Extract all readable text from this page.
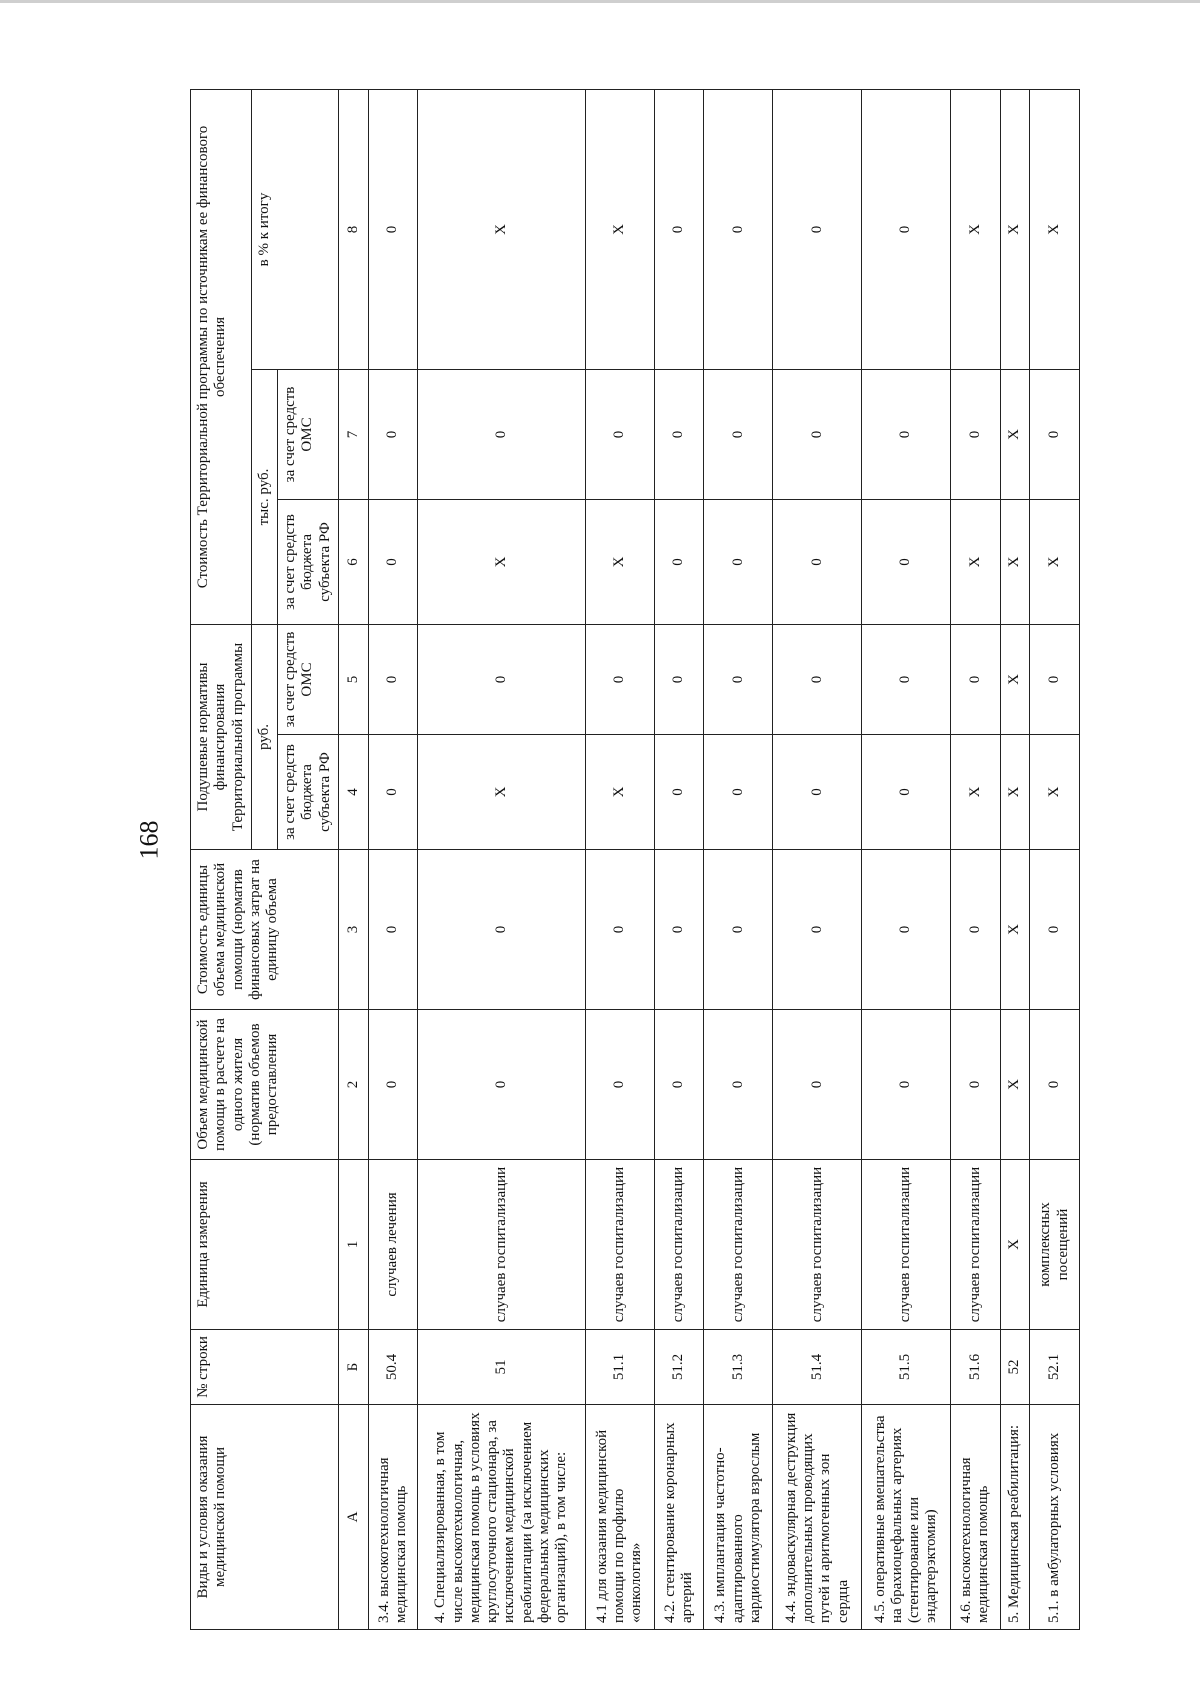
168
Виды и условия оказания медицинской помощи	№ строки	Единица измерения	Объем медицинской помощи в расчете на одного жителя (норматив объемов предоставления	Стоимость единицы объема медицинской помощи (норматив финансовых затрат на единицу объема	Подушевые нормативы финансирования Территориальной программы		Стоимость Территориальной программы по источникам ее финансового обеспечения		
					руб.		тыс. руб.		в % к итогу
					за счет средств бюджета субъекта РФ	за счет средств ОМС	за счет средств бюджета субъекта РФ	за счет средств ОМС	
А	Б	1	2	3	4	5	6	7	8
3.4. высокотехнологичная медицинская помощь	50.4	случаев лечения	0	0	0	0	0	0	0
4. Специализированная, в том числе высокотехнологичная, медицинская помощь в условиях круглосуточного стационара, за исключением медицинской реабилитации (за исключением федеральных медицинских организаций), в том числе:	51	случаев госпитализации	0	0	Х	0	Х	0	Х
4.1 для оказания медицинской помощи по профилю «онкология»	51.1	случаев госпитализации	0	0	Х	0	Х	0	Х
4.2. стентирование коронарных артерий	51.2	случаев госпитализации	0	0	0	0	0	0	0
4.3. имплантация частотно-адаптированного кардиостимулятора взрослым	51.3	случаев госпитализации	0	0	0	0	0	0	0
4.4. эндоваскулярная деструкция дополнительных проводящих путей и аритмогенных зон сердца	51.4	случаев госпитализации	0	0	0	0	0	0	0
4.5. оперативные вмешательства на брахиоцефальных артериях (стентирование или эндартерэктомия)	51.5	случаев госпитализации	0	0	0	0	0	0	0
4.6. высокотехнологичная медицинская помощь	51.6	случаев госпитализации	0	0	Х	0	Х	0	Х
5. Медицинская реабилитация:	52	Х	Х	Х	Х	Х	Х	Х	Х
5.1. в амбулаторных условиях	52.1	комплексных посещений	0	0	Х	0	Х	0	Х
